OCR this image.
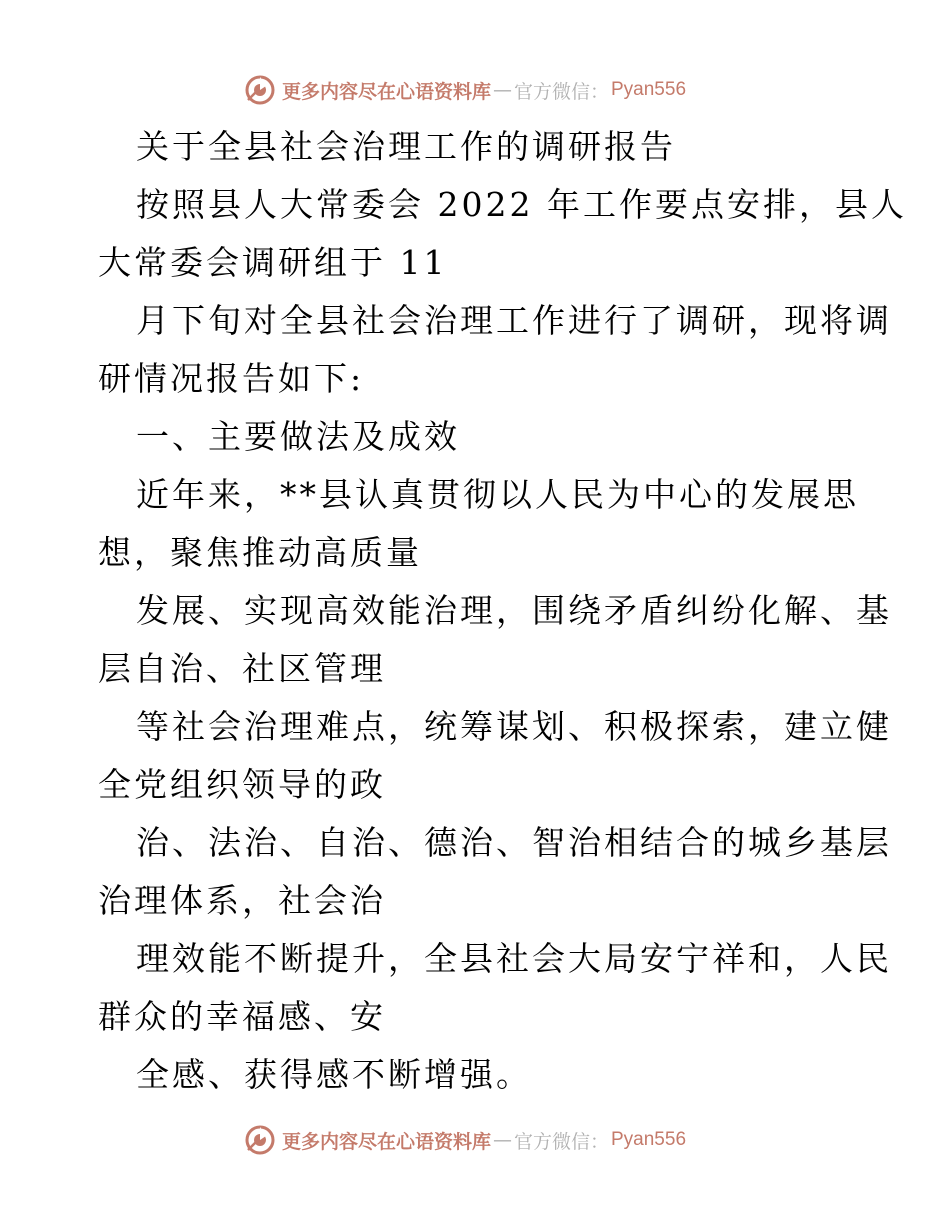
更多内容尽在心语资料库 — 官方微信： Pyan556

关于全县社会治理工作的调研报告

按照县人大常委会 2022 年工作要点安排，县人
大常委会调研组于 11

月下旬对全县社会治理工作进行了调研，现将调
研情况报告如下:

一、主要做法及成效

近年来，**县认真贯彻以人民为中心的发展思
想，聚焦推动高质量

发展、实现高效能治理，围绕矛盾纠纷化解、基
层自治、社区管理

等社会治理难点，统筹谋划、积极探索，建立健
全党组织领导的政

治、法治、自治、德治、智治相结合的城乡基层
治理体系，社会治

理效能不断提升，全县社会大局安宁祥和，人民
群众的幸福感、安

全感、获得感不断增强。

更多内容尽在心语资料库 — 官方微信： Pyan556
